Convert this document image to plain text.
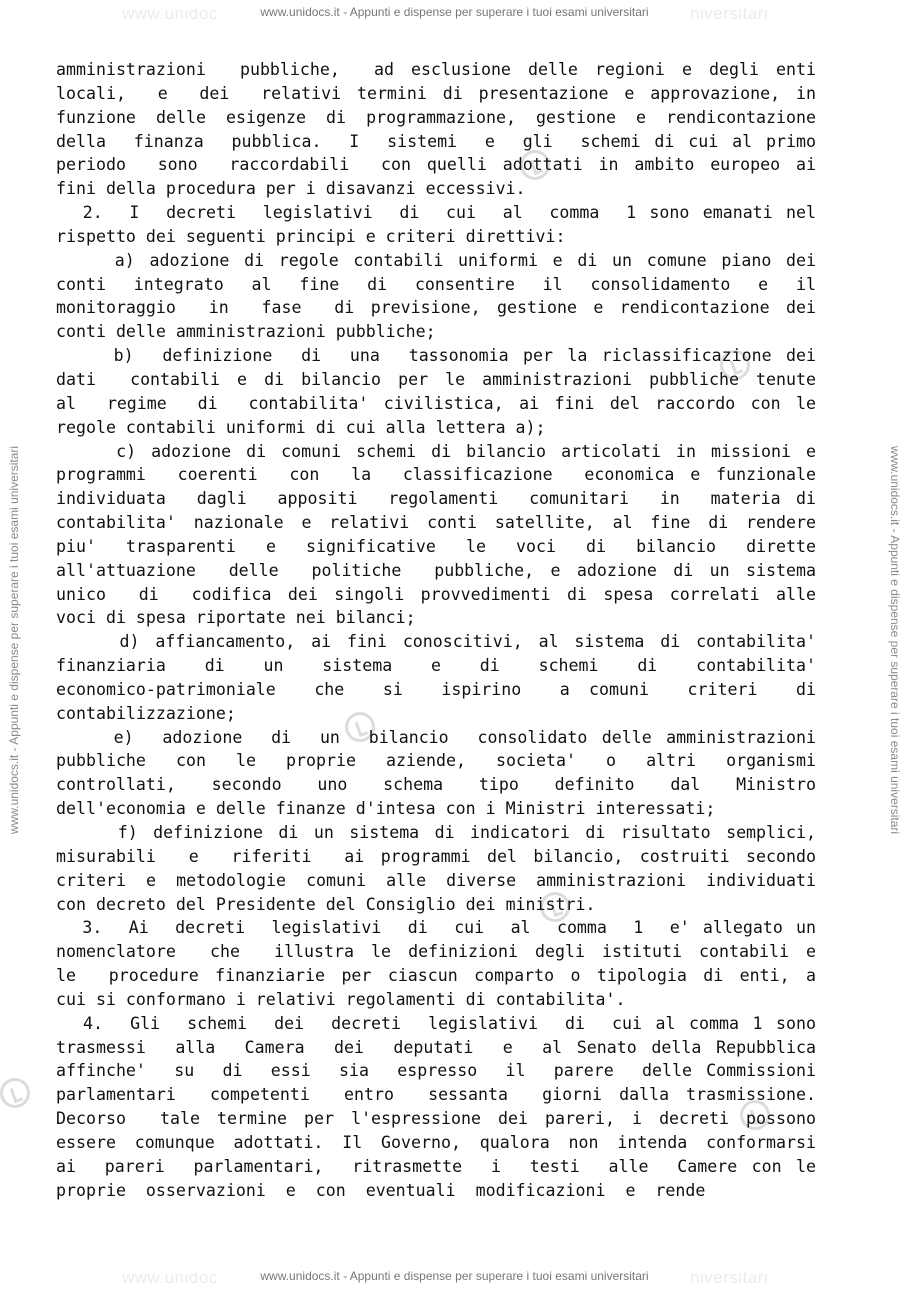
www.unidoc	niversitari
www.unidocs.it - Appunti e dispense per superare i tuoi esami universitari
www.unidocs.it - Appunti e dispense per superare i tuoi esami universitari	www.unidocs.it - Appunti e dispense per superare i tuoi esami universitari
amministrazioni  pubbliche,  ad esclusione delle regioni e degli enti
locali,  e  dei  relativi termini di presentazione e approvazione, in
funzione delle esigenze di programmazione, gestione e rendicontazione
della  finanza  pubblica.  I  sistemi  e  gli  schemi di cui al primo
periodo  sono  raccordabili  con quelli adottati in ambito europeo ai
fini della procedura per i disavanzi eccessivi.
2.  I  decreti  legislativi  di  cui  al  comma  1 sono emanati nel
rispetto dei seguenti principi e criteri direttivi:
a) adozione di regole contabili uniformi e di un comune piano dei
conti  integrato  al  fine  di  consentire  il  consolidamento  e  il
monitoraggio  in  fase  di previsione, gestione e rendicontazione dei
conti delle amministrazioni pubbliche;
b)  definizione  di  una  tassonomia per la riclassificazione dei
dati  contabili e di bilancio per le amministrazioni pubbliche tenute
al  regime  di  contabilita' civilistica, ai fini del raccordo con le
regole contabili uniformi di cui alla lettera a);
c) adozione di comuni schemi di bilancio articolati in missioni e
programmi  coerenti  con  la  classificazione  economica e funzionale
individuata  dagli  appositi  regolamenti  comunitari  in  materia di
contabilita' nazionale e relativi conti satellite, al fine di rendere
piu'  trasparenti  e  significative  le  voci  di  bilancio  dirette
all'attuazione  delle  politiche  pubbliche, e adozione di un sistema
unico  di  codifica dei singoli provvedimenti di spesa correlati alle
voci di spesa riportate nei bilanci;
d) affiancamento, ai fini conoscitivi, al sistema di contabilita'
finanziaria  di  un  sistema  e  di  schemi  di  contabilita'
economico-patrimoniale  che  si  ispirino  a comuni  criteri  di
contabilizzazione;
e)  adozione  di  un  bilancio  consolidato delle amministrazioni
pubbliche  con  le  proprie  aziende,  societa'  o  altri  organismi
controllati,  secondo  uno  schema  tipo  definito  dal  Ministro
dell'economia e delle finanze d'intesa con i Ministri interessati;
f) definizione di un sistema di indicatori di risultato semplici,
misurabili  e  riferiti  ai programmi del bilancio, costruiti secondo
criteri e metodologie comuni alle diverse amministrazioni individuati
con decreto del Presidente del Consiglio dei ministri.
3.  Ai  decreti  legislativi  di  cui  al  comma  1  e' allegato un
nomenclatore  che  illustra le definizioni degli istituti contabili e
le  procedure finanziarie per ciascun comparto o tipologia di enti, a
cui si conformano i relativi regolamenti di contabilita'.
4.  Gli  schemi  dei  decreti  legislativi  di  cui al comma 1 sono
trasmessi  alla  Camera  dei  deputati  e  al Senato della Repubblica
affinche'  su  di  essi  sia  espresso  il  parere  delle Commissioni
parlamentari  competenti  entro  sessanta  giorni dalla trasmissione.
Decorso  tale termine per l'espressione dei pareri, i decreti possono
essere comunque adottati. Il Governo, qualora non intenda conformarsi
ai  pareri  parlamentari,  ritrasmette  i  testi  alle  Camere con le
proprie  osservazioni  e  con  eventuali  modificazioni  e  rende
www.unidoc	niversitari
www.unidocs.it - Appunti e dispense per superare i tuoi esami universitari
